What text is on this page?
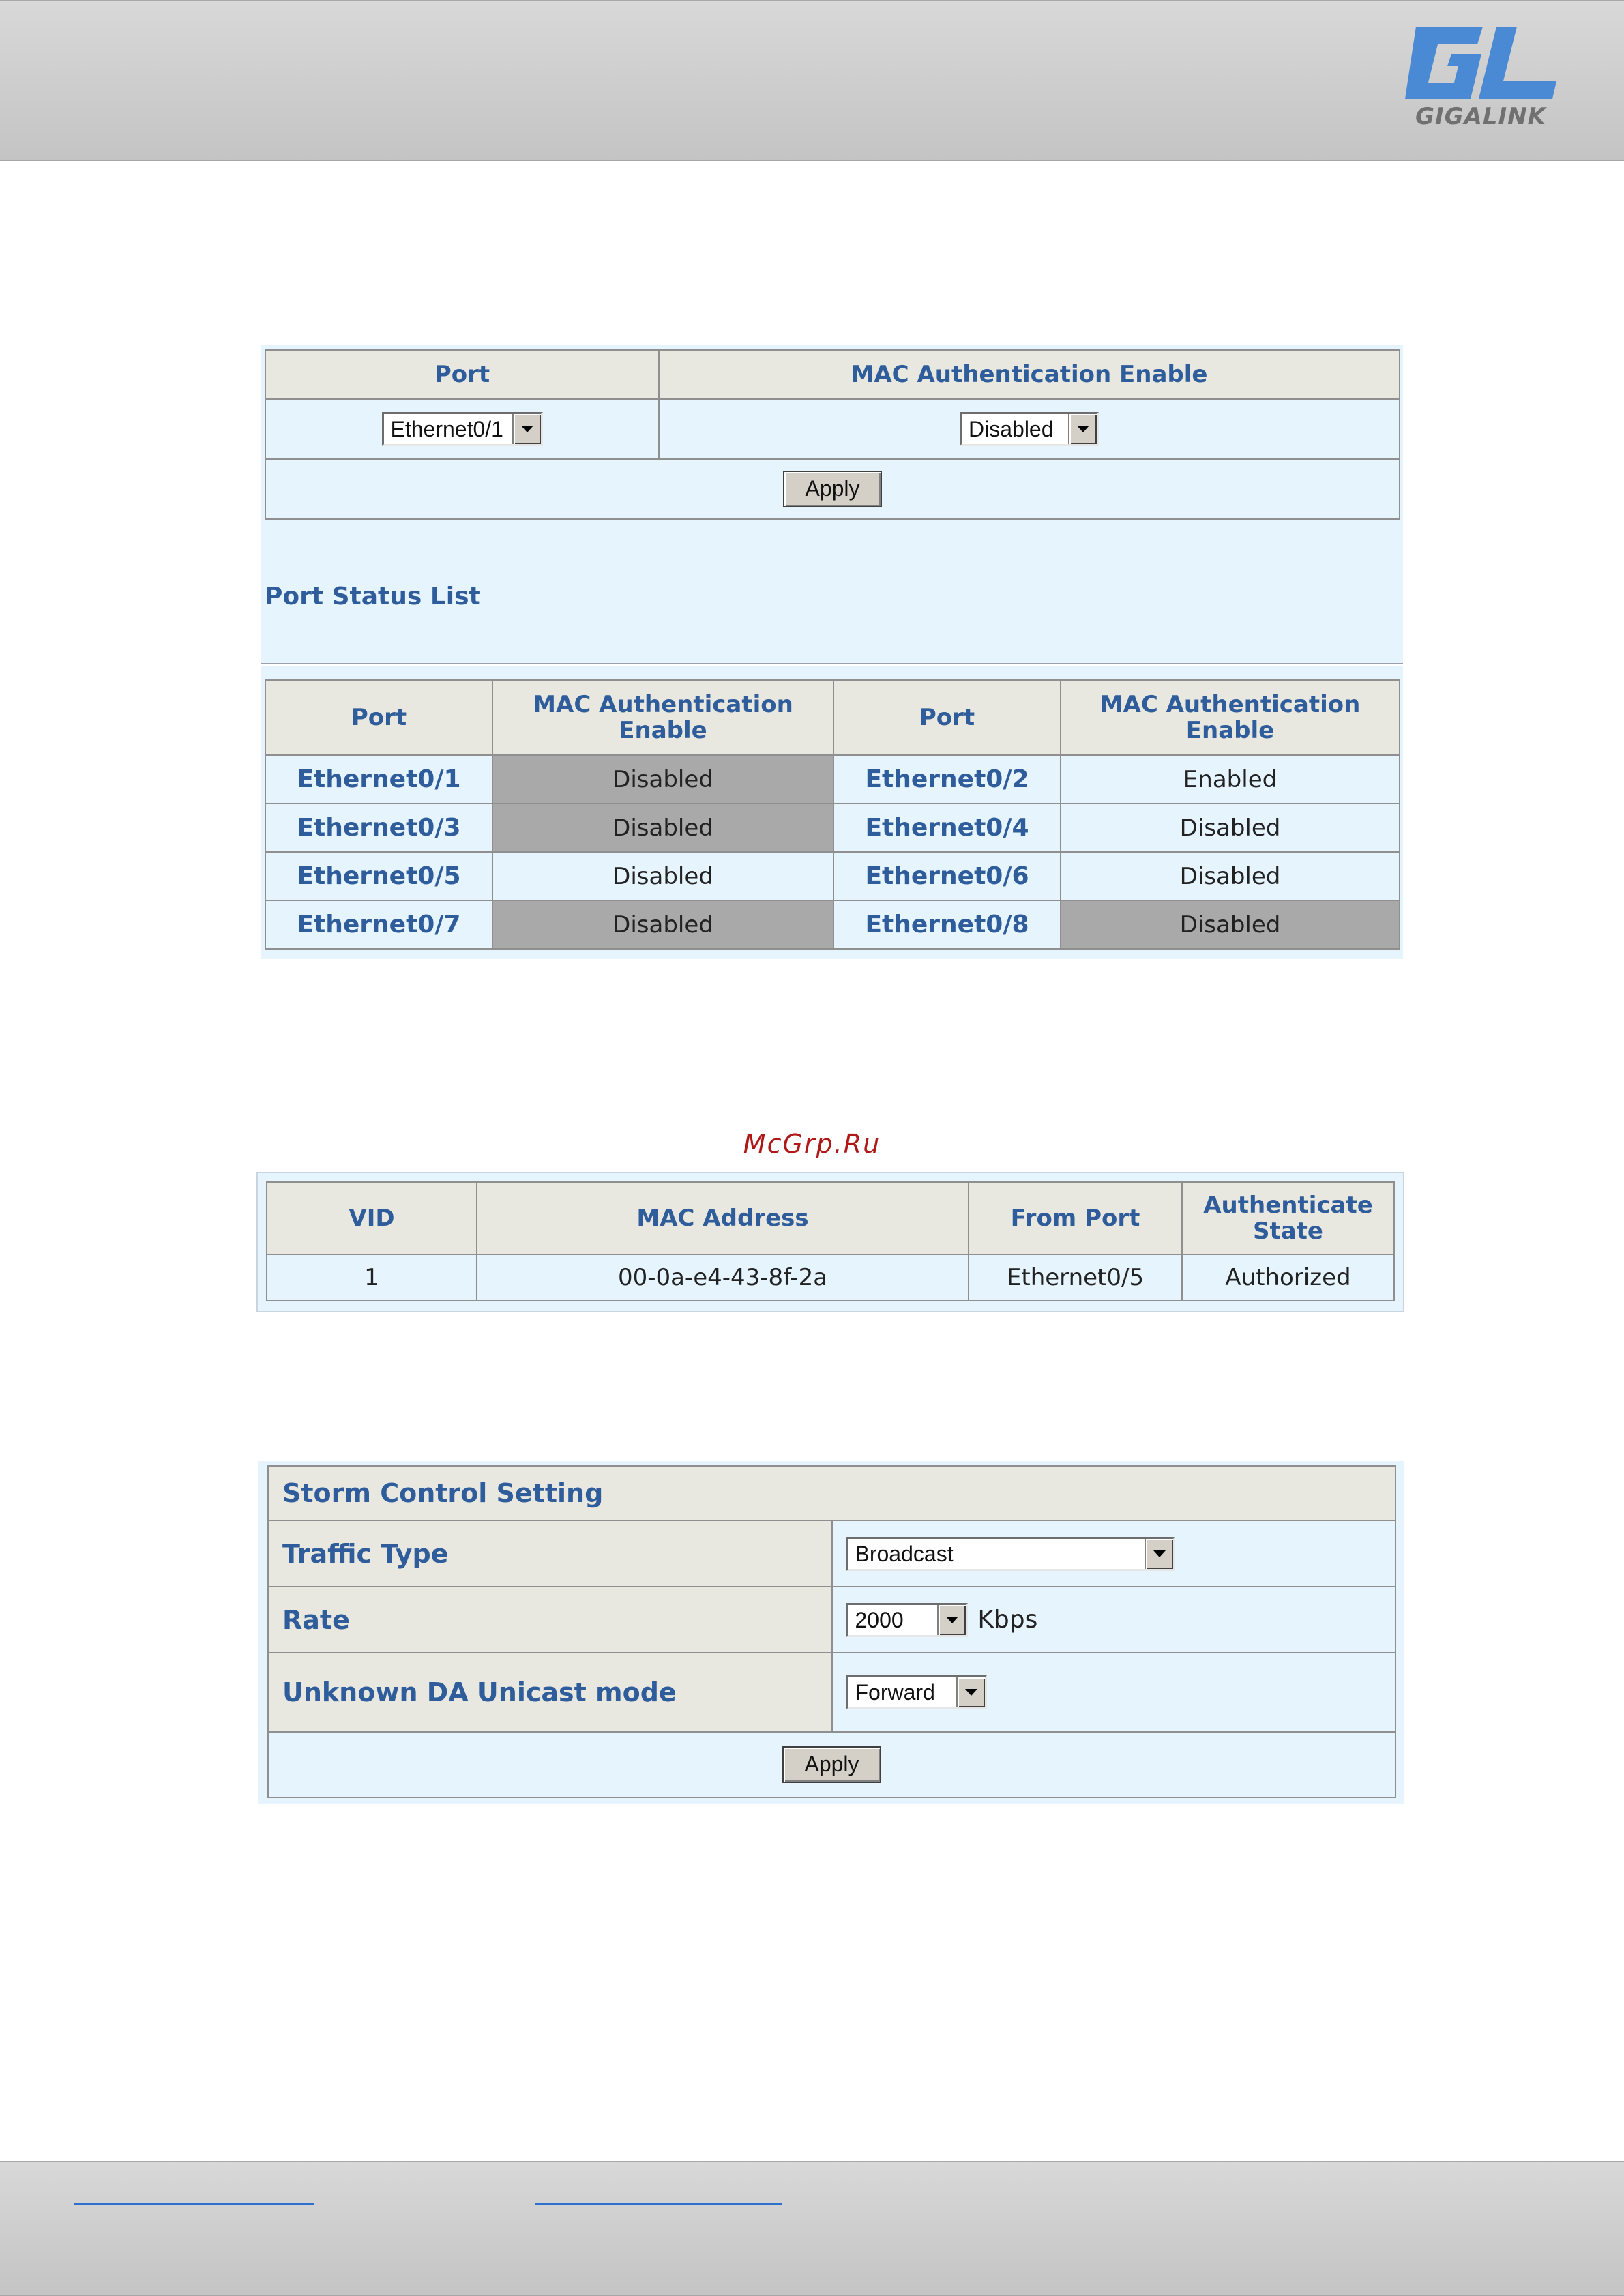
GIGALINK
Port	MAC Authentication Enable

Ethernet0/1	Disabled

Apply	
Port Status List
Port	MAC Authentication Enable	Port	MAC Authentication Enable
Ethernet0/1	Disabled	Ethernet0/2	Enabled
Ethernet0/3	Disabled	Ethernet0/4	Disabled
Ethernet0/5	Disabled	Ethernet0/6	Disabled
Ethernet0/7	Disabled	Ethernet0/8	Disabled
McGrp.Ru
VID	MAC Address	From Port	Authenticate State
1	00-0a-e4-43-8f-2a	Ethernet0/5	Authorized
Storm Control Setting	
Traffic Type	Broadcast

Rate	2000 Kbps
Unknown DA Unicast mode	Forward

Apply	
